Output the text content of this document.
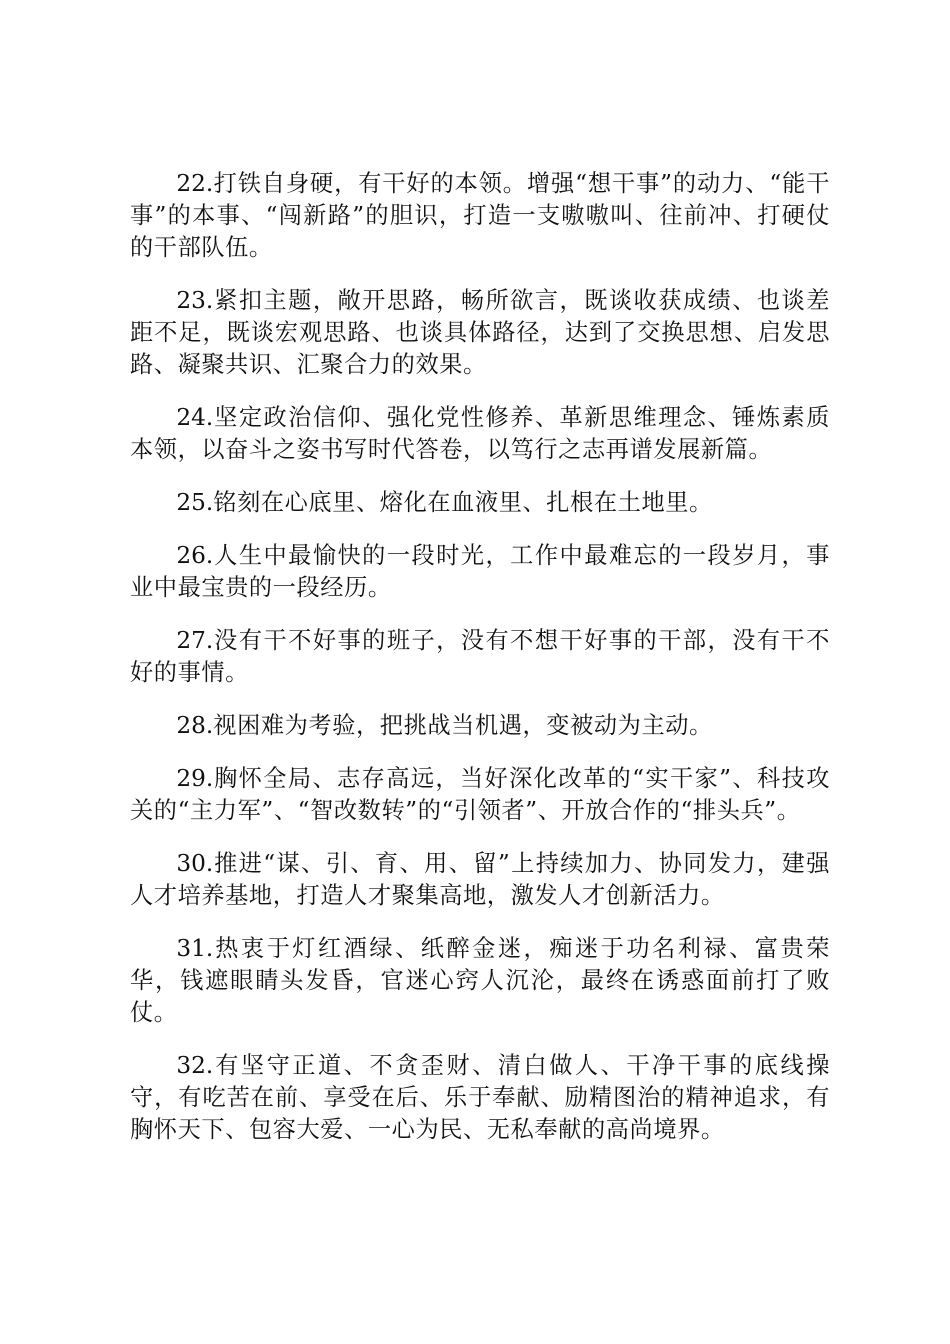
22.打铁自身硬，有干好的本领。增强“想干事”的动力、“能干事”的本事、“闯新路”的胆识，打造一支嗷嗷叫、往前冲、打硬仗的干部队伍。

23.紧扣主题，敞开思路，畅所欲言，既谈收获成绩、也谈差距不足，既谈宏观思路、也谈具体路径，达到了交换思想、启发思路、凝聚共识、汇聚合力的效果。

24.坚定政治信仰、强化党性修养、革新思维理念、锤炼素质本领，以奋斗之姿书写时代答卷，以笃行之志再谱发展新篇。

25.铭刻在心底里、熔化在血液里、扎根在土地里。

26.人生中最愉快的一段时光，工作中最难忘的一段岁月，事业中最宝贵的一段经历。

27.没有干不好事的班子，没有不想干好事的干部，没有干不好的事情。

28.视困难为考验，把挑战当机遇，变被动为主动。

29.胸怀全局、志存高远，当好深化改革的“实干家”、科技攻关的“主力军”、“智改数转”的“引领者”、开放合作的“排头兵”。

30.推进“谋、引、育、用、留”上持续加力、协同发力，建强人才培养基地，打造人才聚集高地，激发人才创新活力。

31.热衷于灯红酒绿、纸醉金迷，痴迷于功名利禄、富贵荣华，钱遮眼睛头发昏，官迷心窍人沉沦，最终在诱惑面前打了败仗。

32.有坚守正道、不贪歪财、清白做人、干净干事的底线操守，有吃苦在前、享受在后、乐于奉献、励精图治的精神追求，有胸怀天下、包容大爱、一心为民、无私奉献的高尚境界。
